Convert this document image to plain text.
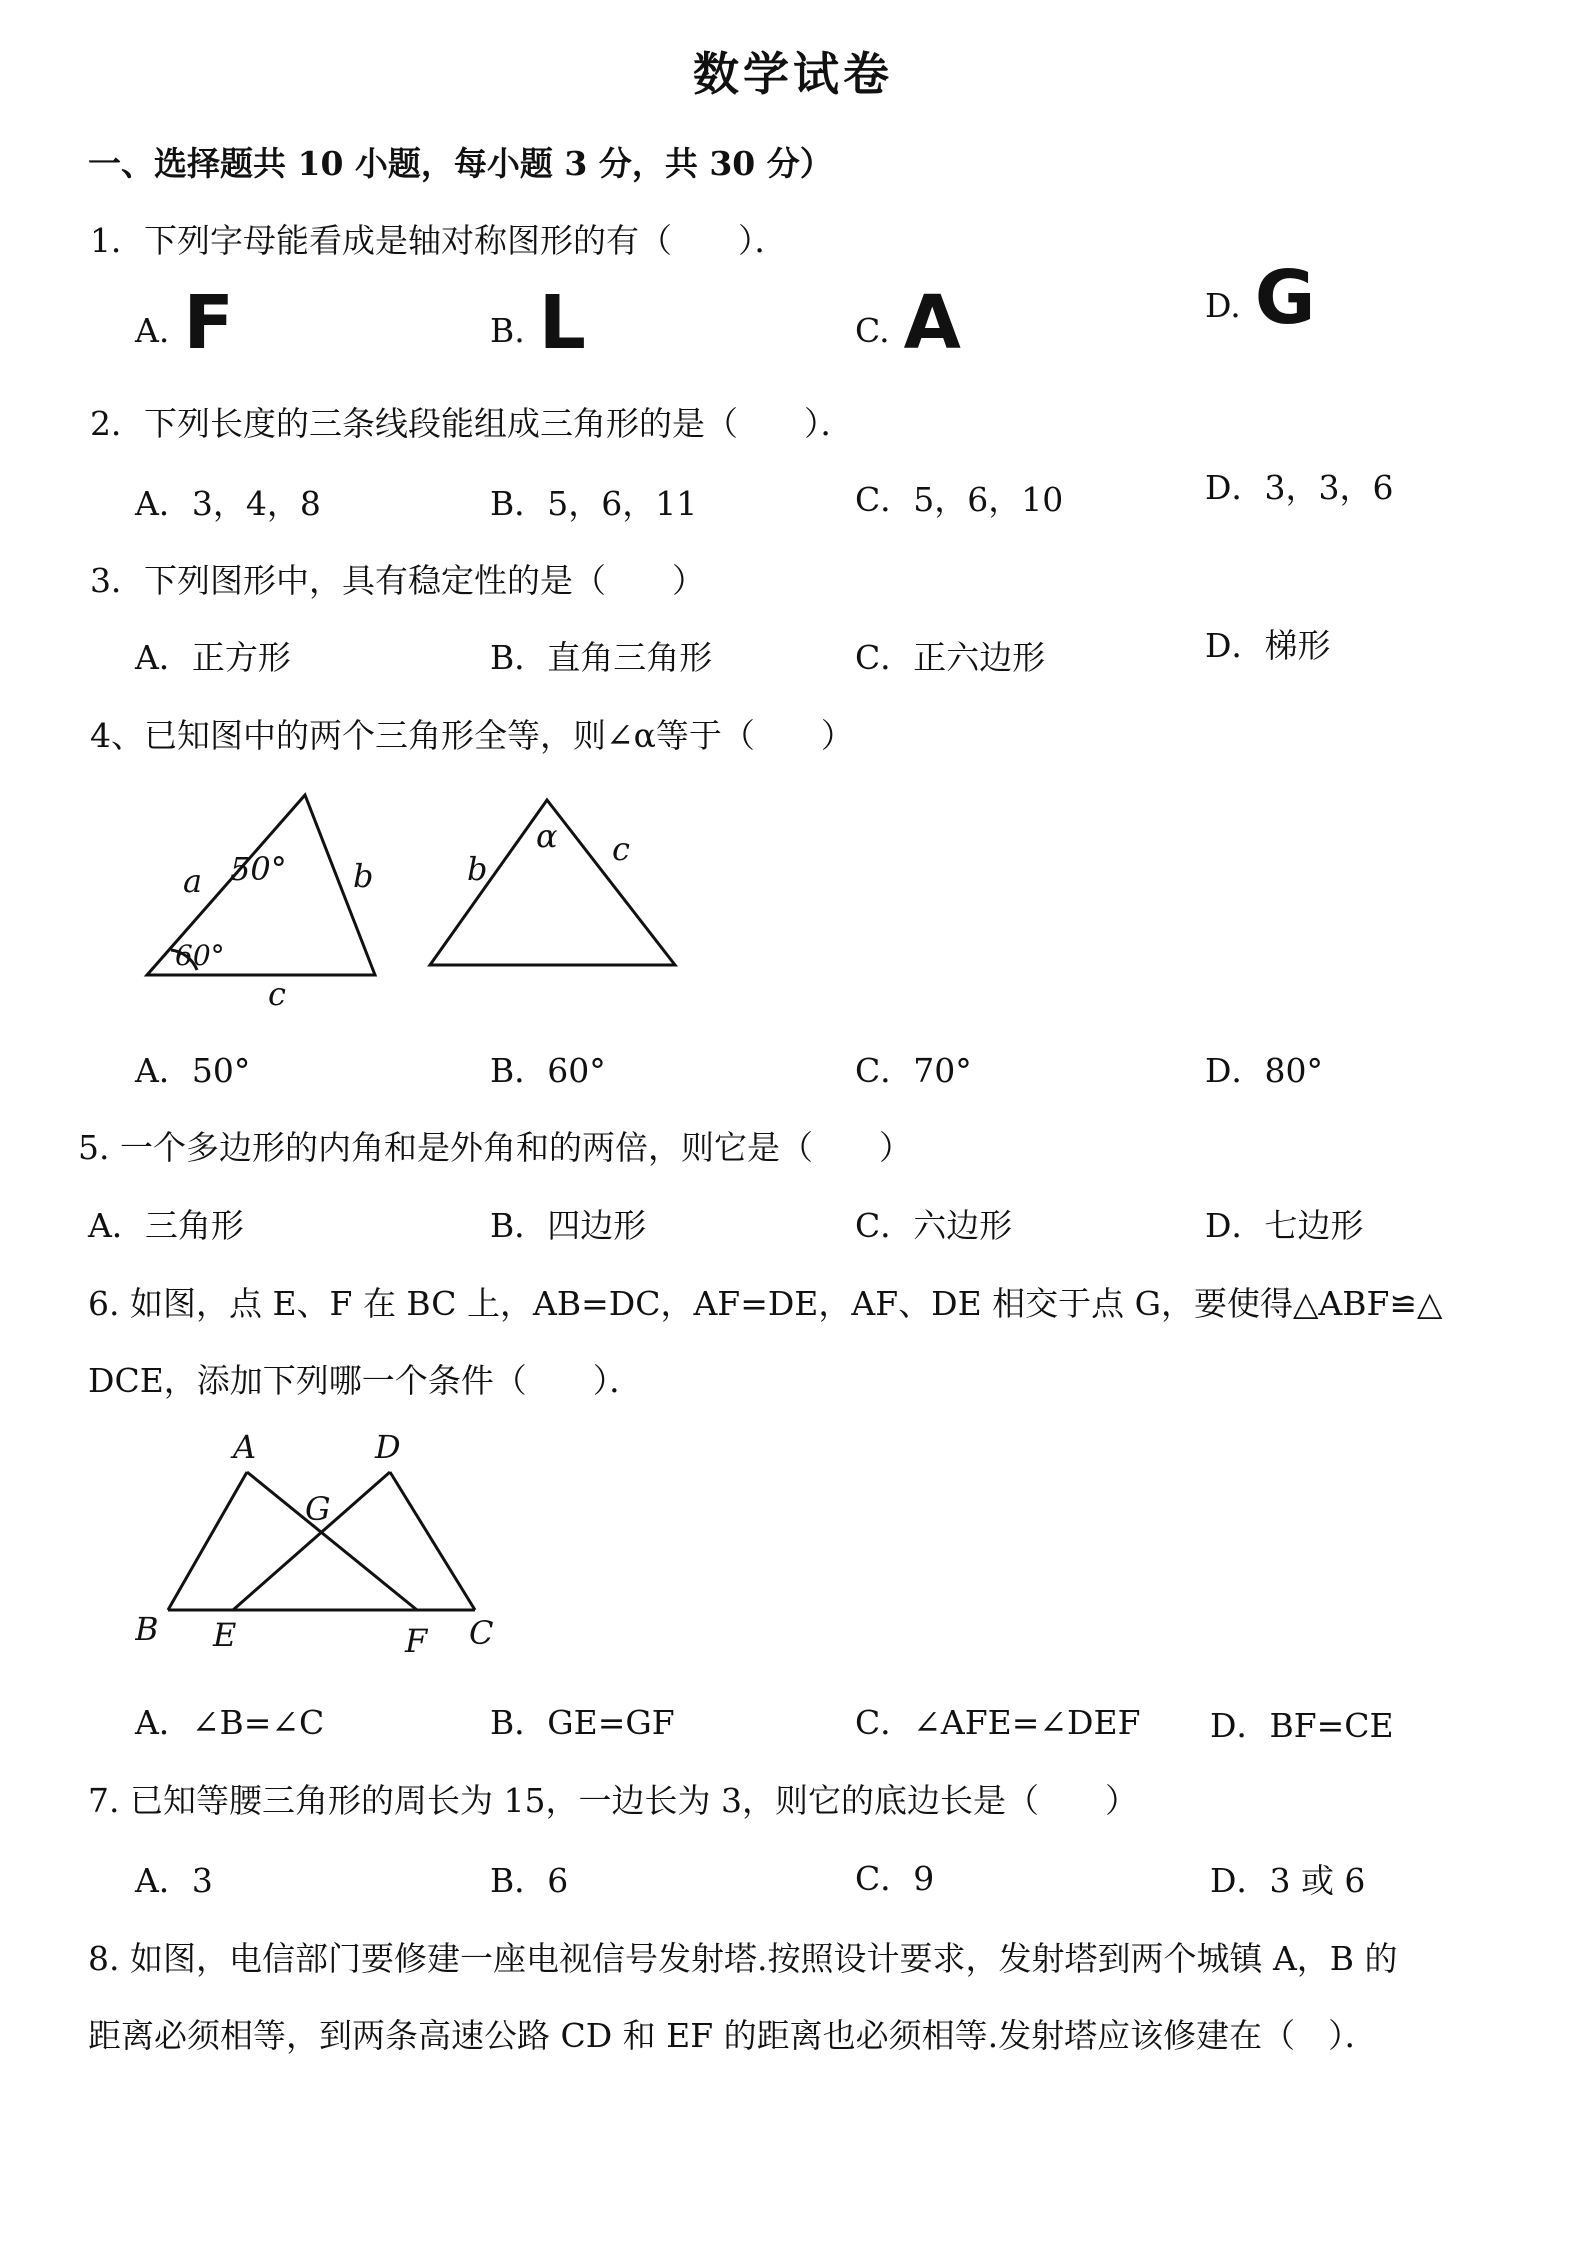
数学试卷
一、选择题共 10 小题，每小题 3 分，共 30 分）
1．下列字母能看成是轴对称图形的有（　　）．
A. F	B. L	C. A	D. G
2．下列长度的三条线段能组成三角形的是（　　）．
A．3，4，8	B．5，6，11	C．5，6，10	D．3，3，6
3．下列图形中，具有稳定性的是（　　）
A．正方形	B．直角三角形	C．正六边形	D．梯形
4、已知图中的两个三角形全等，则∠α等于（　　）
a 50° b
60°
c
b
α c
A．50°	B．60°	C．70°	D．80°
5. 一个多边形的内角和是外角和的两倍，则它是（　　）
A．三角形	B．四边形	C．六边形	D．七边形
6. 如图，点 E、F 在 BC 上，AB=DC，AF=DE，AF、DE 相交于点 G，要使得△ABF≌△
DCE，添加下列哪一个条件（　　）．
A	D
G
B E	F C
A．∠B=∠C	B．GE=GF	C．∠AFE=∠DEF D．BF=CE
7. 已知等腰三角形的周长为 15，一边长为 3，则它的底边长是（　　）
A．3	B．6	C．9	D．3 或 6
8. 如图，电信部门要修建一座电视信号发射塔.按照设计要求，发射塔到两个城镇 A，B 的
距离必须相等，到两条高速公路 CD 和 EF 的距离也必须相等.发射塔应该修建在（　）．
